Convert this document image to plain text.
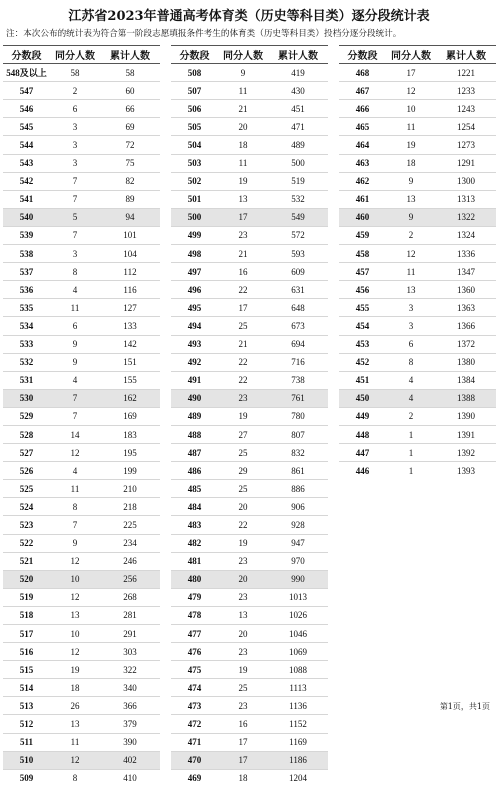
江苏省2023年普通高考体育类（历史等科目类）逐分段统计表
注：本次公布的统计表为符合第一阶段志愿填报条件考生的体育类（历史等科目类）投档分逐分段统计。
分数段	同分人数	累计人数
548及以上	58	58
547	2	60
546	6	66
545	3	69
544	3	72
543	3	75
542	7	82
541	7	89
540	5	94
539	7	101
538	3	104
537	8	112
536	4	116
535	11	127
534	6	133
533	9	142
532	9	151
531	4	155
530	7	162
529	7	169
528	14	183
527	12	195
526	4	199
525	11	210
524	8	218
523	7	225
522	9	234
521	12	246
520	10	256
519	12	268
518	13	281
517	10	291
516	12	303
515	19	322
514	18	340
513	26	366
512	13	379
511	11	390
510	12	402
509	8	410
分数段	同分人数	累计人数
508	9	419
507	11	430
506	21	451
505	20	471
504	18	489
503	11	500
502	19	519
501	13	532
500	17	549
499	23	572
498	21	593
497	16	609
496	22	631
495	17	648
494	25	673
493	21	694
492	22	716
491	22	738
490	23	761
489	19	780
488	27	807
487	25	832
486	29	861
485	25	886
484	20	906
483	22	928
482	19	947
481	23	970
480	20	990
479	23	1013
478	13	1026
477	20	1046
476	23	1069
475	19	1088
474	25	1113
473	23	1136
472	16	1152
471	17	1169
470	17	1186
469	18	1204
分数段	同分人数	累计人数
468	17	1221
467	12	1233
466	10	1243
465	11	1254
464	19	1273
463	18	1291
462	9	1300
461	13	1313
460	9	1322
459	2	1324
458	12	1336
457	11	1347
456	13	1360
455	3	1363
454	3	1366
453	6	1372
452	8	1380
451	4	1384
450	4	1388
449	2	1390
448	1	1391
447	1	1392
446	1	1393
第1页，共1页
